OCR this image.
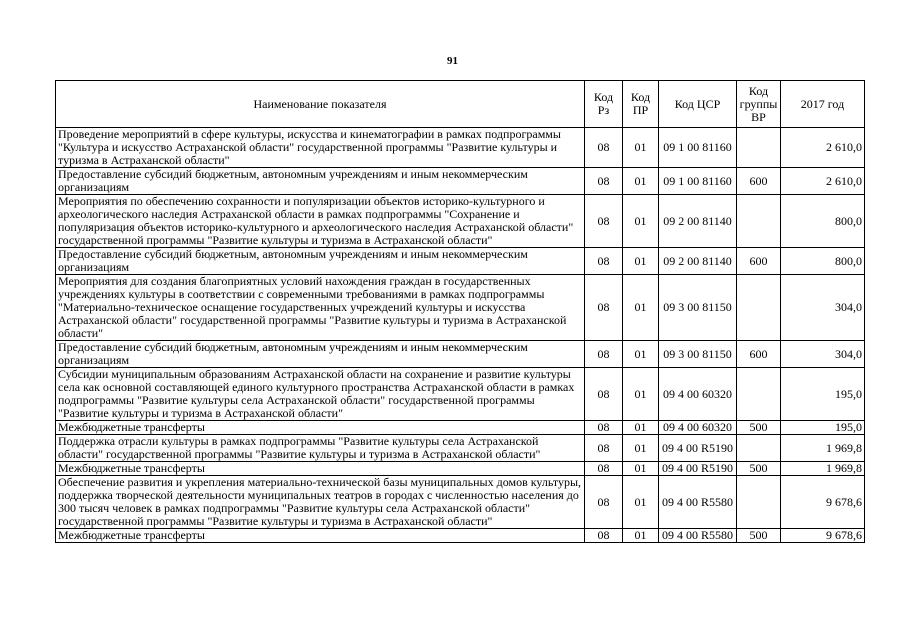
91
Наименование показателя	Код Рз	Код ПР	Код ЦСР	Код группы ВР	2017 год
Проведение мероприятий в сфере культуры, искусства и кинематографии в рамках подпрограммы "Культура и искусство Астраханской области" государственной программы "Развитие культуры и туризма в Астраханской области"	08	01	09 1 00 81160		2 610,0
Предоставление субсидий бюджетным, автономным учреждениям и иным некоммерческим организациям	08	01	09 1 00 81160	600	2 610,0
Мероприятия по обеспечению сохранности и популяризации объектов историко-культурного и археологического наследия Астраханской области в рамках подпрограммы "Сохранение и популяризация объектов историко-культурного и археологического наследия Астраханской области" государственной программы "Развитие культуры и туризма в Астраханской области"	08	01	09 2 00 81140		800,0
Предоставление субсидий бюджетным, автономным учреждениям и иным некоммерческим организациям	08	01	09 2 00 81140	600	800,0
Мероприятия для создания благоприятных условий нахождения граждан в государственных учреждениях культуры в соответствии с современными требованиями в рамках подпрограммы "Материально-техническое оснащение государственных учреждений культуры и искусства Астраханской области" государственной программы "Развитие культуры и туризма в Астраханской области"	08	01	09 3 00 81150		304,0
Предоставление субсидий бюджетным, автономным учреждениям и иным некоммерческим организациям	08	01	09 3 00 81150	600	304,0
Субсидии муниципальным образованиям Астраханской области на сохранение и развитие культуры села как основной составляющей единого культурного пространства Астраханской области в рамках подпрограммы "Развитие культуры села Астраханской области" государственной программы "Развитие культуры и туризма в Астраханской области"	08	01	09 4 00 60320		195,0
Межбюджетные трансферты	08	01	09 4 00 60320	500	195,0
Поддержка отрасли культуры в рамках подпрограммы "Развитие культуры села Астраханской области" государственной программы "Развитие культуры и туризма в Астраханской области"	08	01	09 4 00 R5190		1 969,8
Межбюджетные трансферты	08	01	09 4 00 R5190	500	1 969,8
Обеспечение развития и укрепления материально-технической базы муниципальных домов культуры, поддержка творческой деятельности муниципальных театров в городах с численностью населения до 300 тысяч человек в рамках подпрограммы "Развитие культуры села Астраханской области" государственной программы "Развитие культуры и туризма в Астраханской области"	08	01	09 4 00 R5580		9 678,6
Межбюджетные трансферты	08	01	09 4 00 R5580	500	9 678,6
